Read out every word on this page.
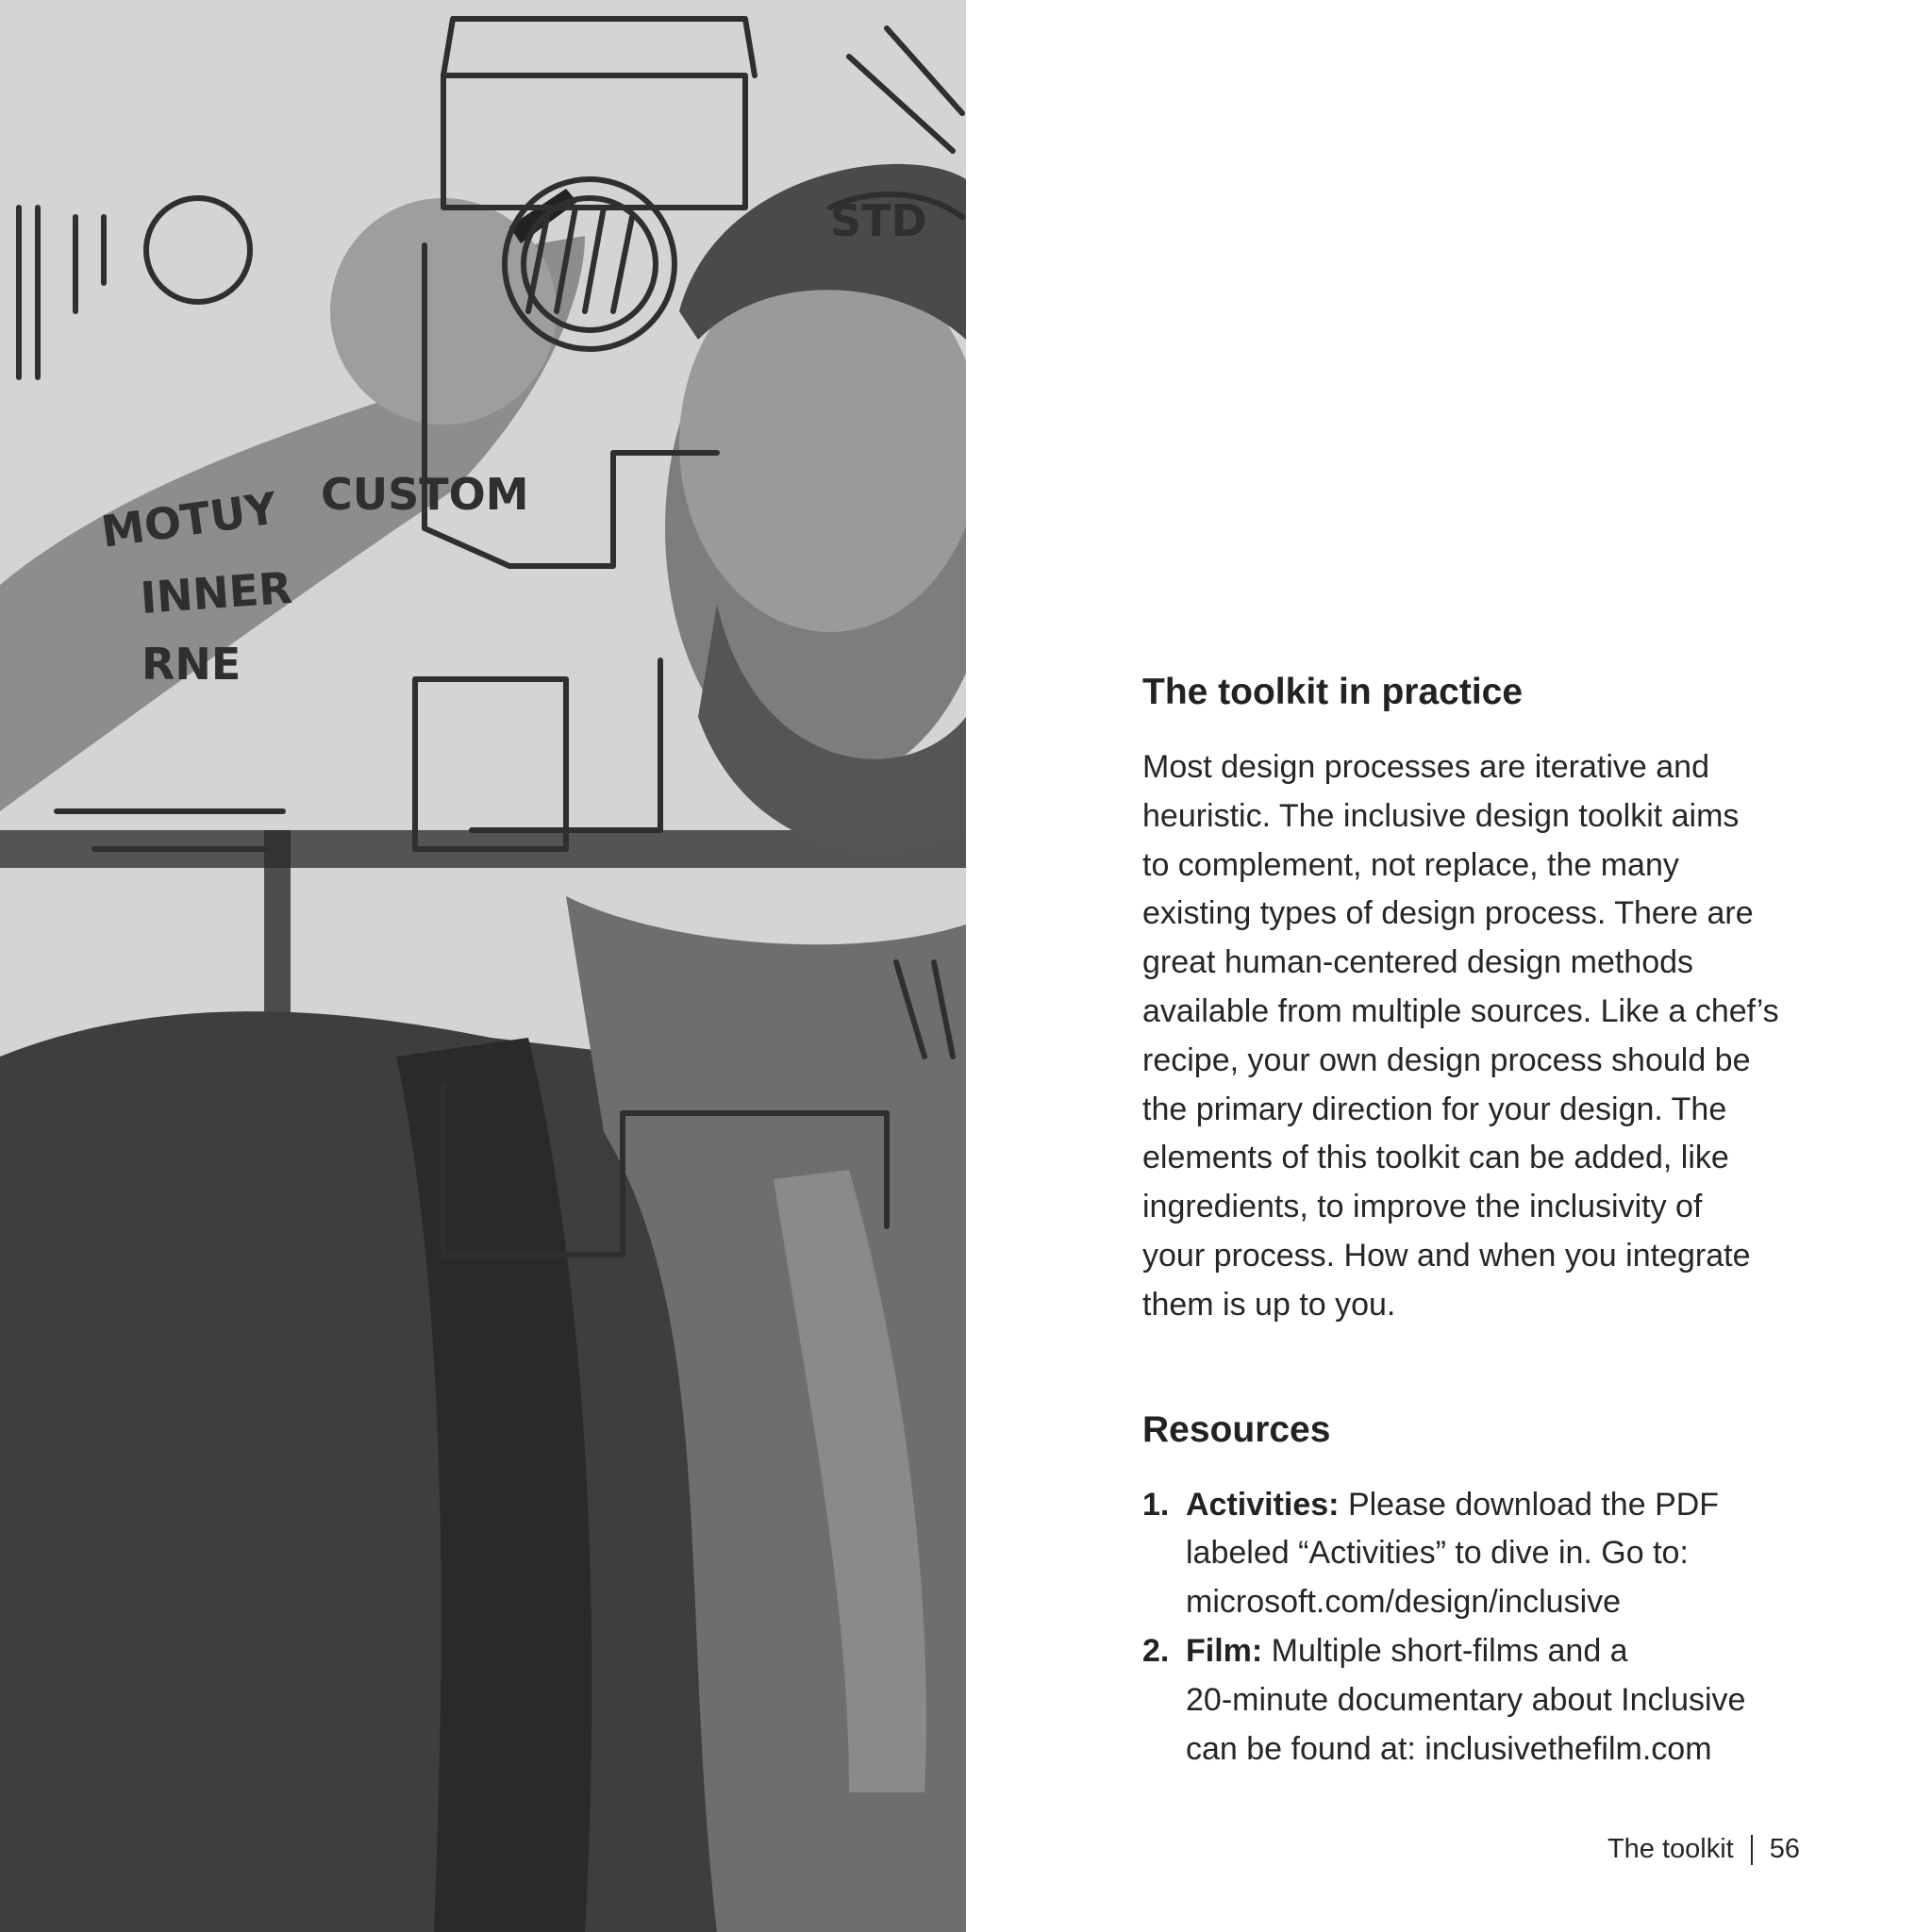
MOTUY
INNER
RNE
STD
CUSTOM
The toolkit in practice

Most design processes are iterative and
heuristic. The inclusive design toolkit aims
to complement, not replace, the many
existing types of design process. There are
great human-centered design methods
available from multiple sources. Like a chef’s
recipe, your own design process should be
the primary direction for your design. The
elements of this toolkit can be added, like
ingredients, to improve the inclusivity of
your process. How and when you integrate
them is up to you.

Resources
1. Activities: Please download the PDF
labeled “Activities” to dive in. Go to:
microsoft.com/design/inclusive
2. Film: Multiple short-films and a
20-minute documentary about Inclusive
can be found at: inclusivethefilm.com
The toolkit 56
